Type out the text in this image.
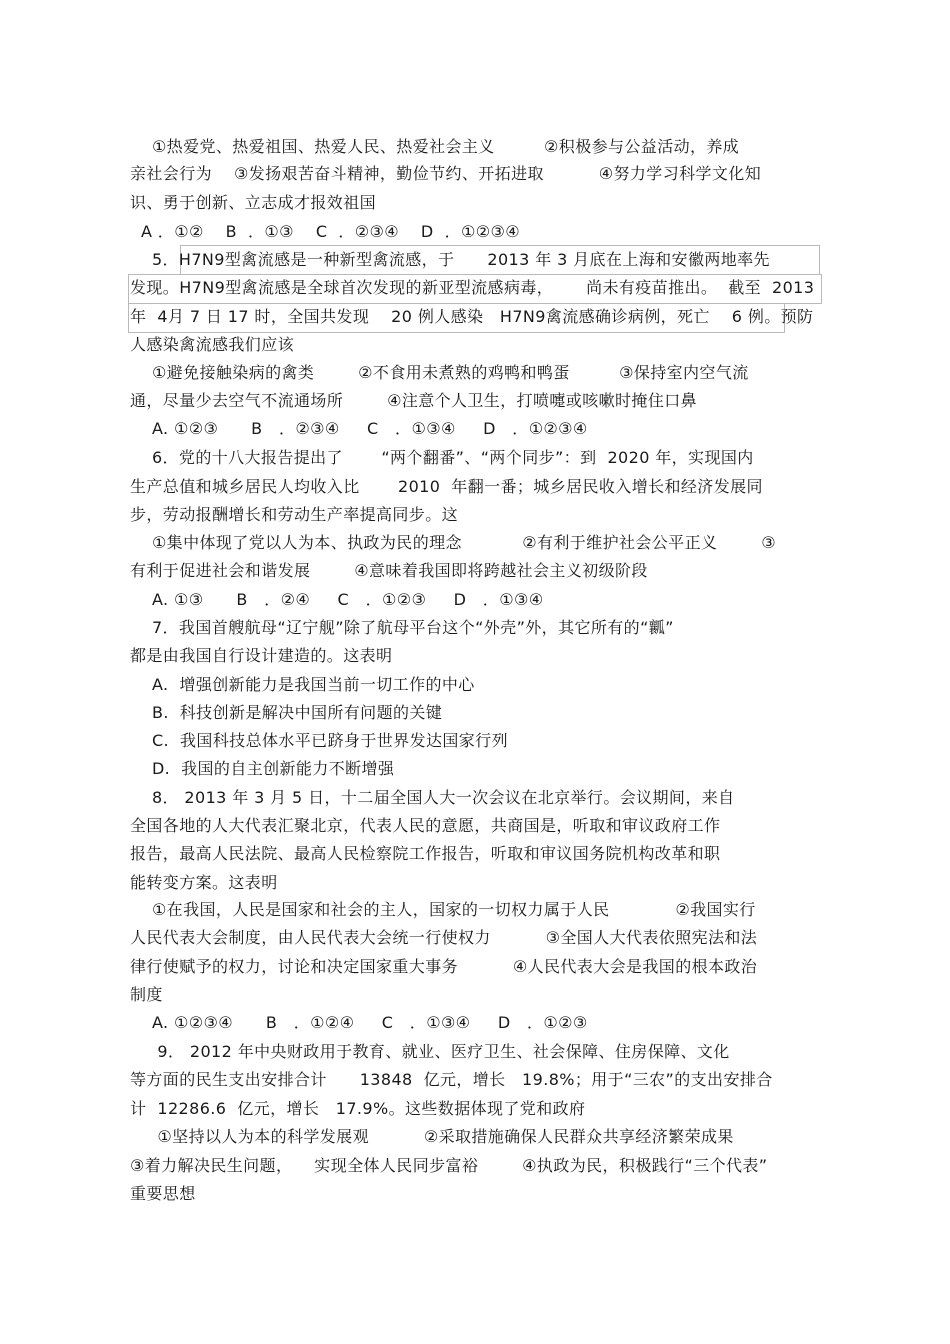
①热爱党、热爱祖国、热爱人民、热爱社会主义         ②积极参与公益活动，养成
亲社会行为    ③发扬艰苦奋斗精神，勤俭节约、开拓进取          ④努力学习科学文化知
识、勇于创新、立志成才报效祖国
A ．①②    B  ．①③    C  ．②③④    D  ．①②③④
5．H7N9型禽流感是一种新型禽流感，于      2013 年 3 月底在上海和安徽两地率先
发现。H7N9型禽流感是全球首次发现的新亚型流感病毒，      尚未有疫苗推出。  截至  2013
年  4月 7 日 17 时，全国共发现    20 例人感染   H7N9禽流感确诊病例，死亡    6 例。预防
人感染禽流感我们应该
①避免接触染病的禽类        ②不食用未煮熟的鸡鸭和鸭蛋         ③保持室内空气流
通，尽量少去空气不流通场所        ④注意个人卫生，打喷嚏或咳嗽时掩住口鼻
A. ①②③      B   ．②③④     C   ．①③④     D   ．①②③④
6．党的十八大报告提出了       “两个翻番”、“两个同步”：到  2020 年，实现国内
生产总值和城乡居民人均收入比       2010  年翻一番；城乡居民收入增长和经济发展同
步，劳动报酬增长和劳动生产率提高同步。这
①集中体现了党以人为本、执政为民的理念           ②有利于维护社会公平正义        ③
有利于促进社会和谐发展        ④意味着我国即将跨越社会主义初级阶段
A. ①③      B   ．②④     C   ．①②③     D   ．①③④
7．我国首艘航母“辽宁舰”除了航母平台这个“外壳”外，其它所有的“瓤”
都是由我国自行设计建造的。这表明
A.  增强创新能力是我国当前一切工作的中心
B.  科技创新是解决中国所有问题的关键
C.  我国科技总体水平已跻身于世界发达国家行列
D.  我国的自主创新能力不断增强
8． 2013 年 3 月 5 日，十二届全国人大一次会议在北京举行。会议期间，来自
全国各地的人大代表汇聚北京，代表人民的意愿，共商国是，听取和审议政府工作
报告，最高人民法院、最高人民检察院工作报告，听取和审议国务院机构改革和职
能转变方案。这表明
①在我国，人民是国家和社会的主人，国家的一切权力属于人民            ②我国实行
人民代表大会制度，由人民代表大会统一行使权力          ③全国人大代表依照宪法和法
律行使赋予的权力，讨论和决定国家重大事务          ④人民代表大会是我国的根本政治
制度
A. ①②③④      B   ．①②④     C   ．①③④     D   ．①②③
9． 2012 年中央财政用于教育、就业、医疗卫生、社会保障、住房保障、文化
等方面的民生支出安排合计      13848  亿元，增长   19.8%；用于“三农”的支出安排合
计  12286.6  亿元，增长   17.9%。这些数据体现了党和政府
①坚持以人为本的科学发展观          ②采取措施确保人民群众共享经济繁荣成果
③着力解决民生问题，    实现全体人民同步富裕        ④执政为民，积极践行“三个代表”
重要思想
